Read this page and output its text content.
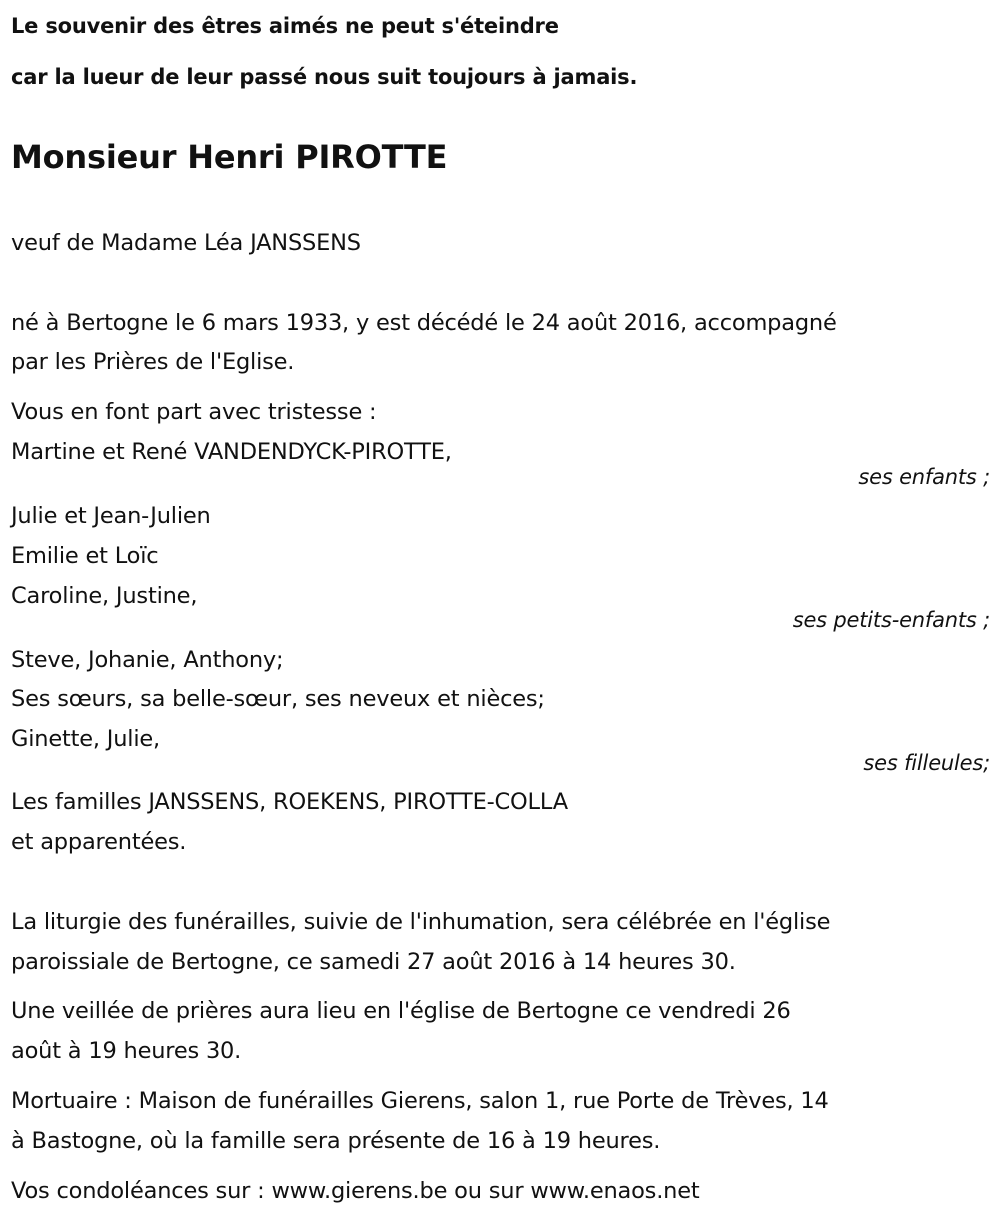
Le souvenir des êtres aimés ne peut s'éteindre
car la lueur de leur passé nous suit toujours à jamais.
Monsieur Henri PIROTTE
veuf de Madame Léa JANSSENS
né à Bertogne le 6 mars 1933, y est décédé le 24 août 2016, accompagné
par les Prières de l'Eglise.
Vous en font part avec tristesse :
Martine et René VANDENDYCK-PIROTTE,
ses enfants ;
Julie et Jean-Julien
Emilie et Loïc
Caroline, Justine,
ses petits-enfants ;
Steve, Johanie, Anthony;
Ses sœurs, sa belle-sœur, ses neveux et nièces;
Ginette, Julie,
ses filleules;
Les familles JANSSENS, ROEKENS, PIROTTE-COLLA
et apparentées.
La liturgie des funérailles, suivie de l'inhumation, sera célébrée en l'église
paroissiale de Bertogne, ce samedi 27 août 2016 à 14 heures 30.
Une veillée de prières aura lieu en l'église de Bertogne ce vendredi 26
août à 19 heures 30.
Mortuaire : Maison de funérailles Gierens, salon 1, rue Porte de Trèves, 14
à Bastogne, où la famille sera présente de 16 à 19 heures.
Vos condoléances sur : www.gierens.be ou sur www.enaos.net
